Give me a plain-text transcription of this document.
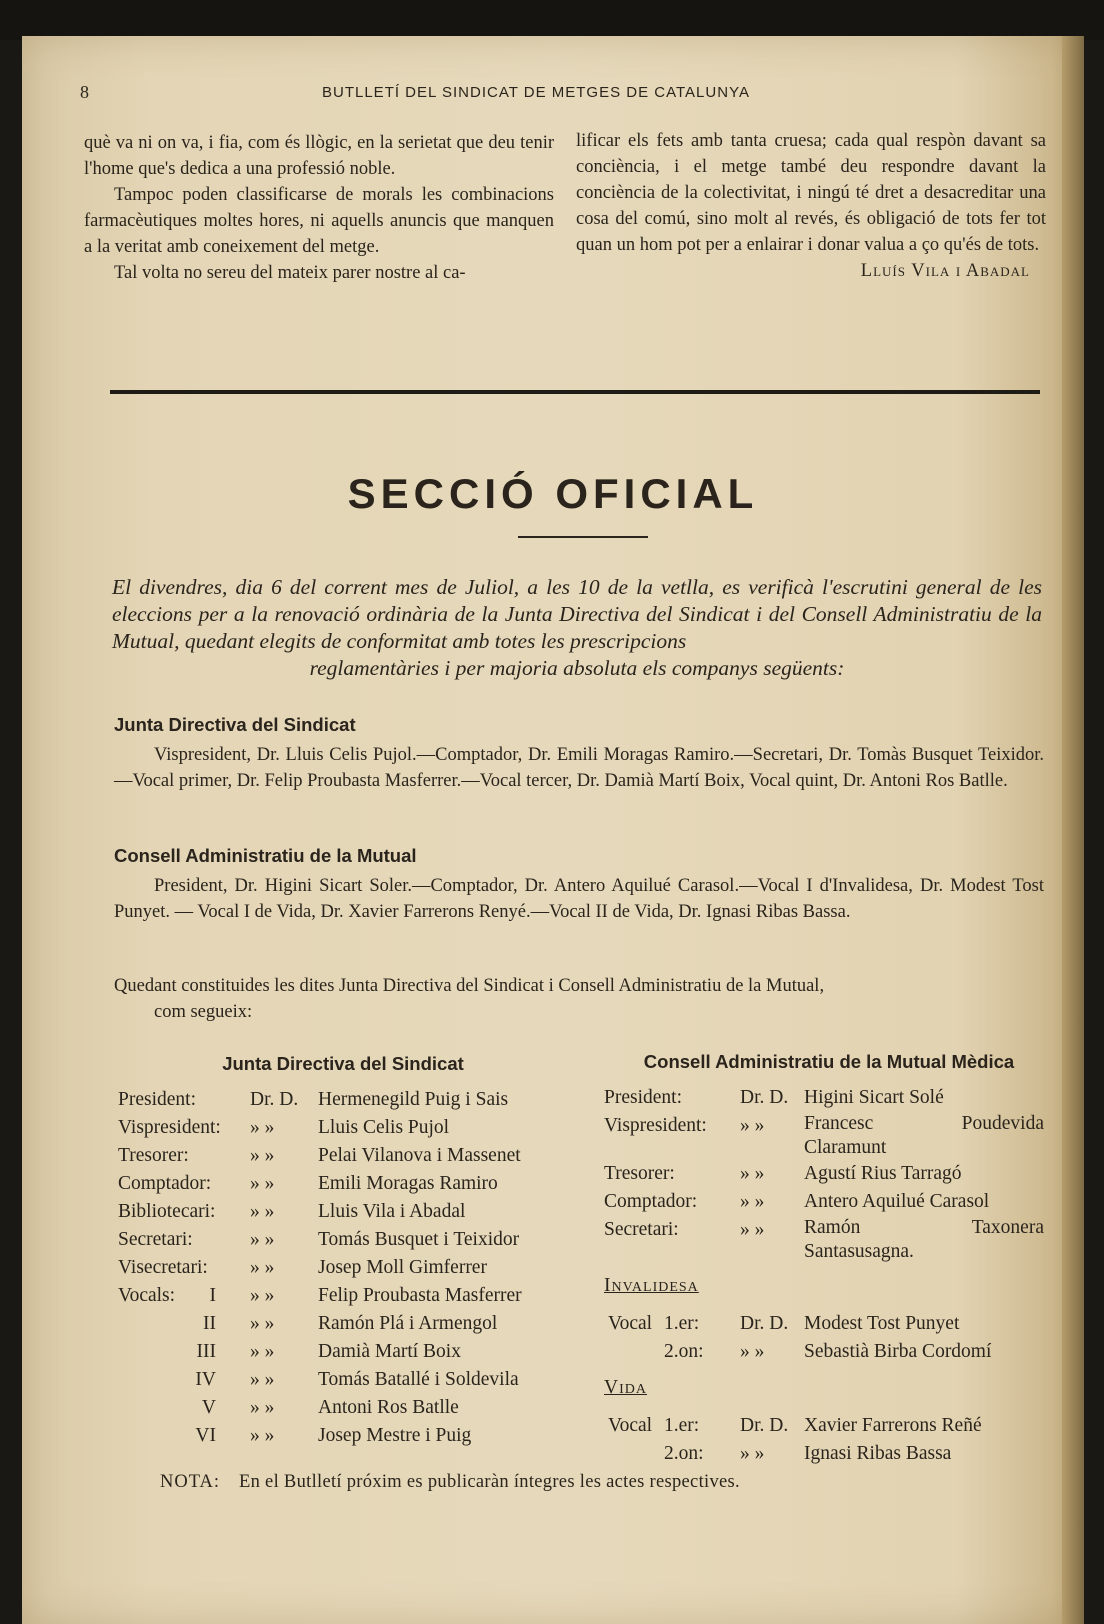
8	BUTLLETÍ DEL SINDICAT DE METGES DE CATALUNYA

què va ni on va, i fia, com és llògic, en la serietat que deu tenir l'home que's dedica a una professió noble.

Tampoc poden classificarse de morals les combinacions farmacèutiques moltes hores, ni aquells anuncis que manquen a la veritat amb coneixement del metge.

Tal volta no sereu del mateix parer nostre al ca-

lificar els fets amb tanta cruesa; cada qual respòn davant sa conciència, i el metge també deu respondre davant la conciència de la colectivitat, i ningú té dret a desacreditar una cosa del comú, sino molt al revés, és obligació de tots fer tot quan un hom pot per a enlairar i donar valua a ço qu'és de tots.

Lluís Vila i Abadal

SECCIÓ OFICIAL
El divendres, dia 6 del corrent mes de Juliol, a les 10 de la vetlla, es verificà l'escrutini general de les eleccions per a la renovació ordinària de la Junta Directiva del Sindicat i del Consell Administratiu de la Mutual, quedant elegits de conformitat amb totes les prescripcions
reglamentàries i per majoria absoluta els companys següents:
Junta Directiva del Sindicat
Vispresident, Dr. Lluis Celis Pujol.—Comptador, Dr. Emili Moragas Ramiro.—Secretari, Dr. Tomàs Busquet Teixidor.—Vocal primer, Dr. Felip Proubasta Masferrer.—Vocal tercer, Dr. Damià Martí Boix, Vocal quint, Dr. Antoni Ros Batlle.
Consell Administratiu de la Mutual
President, Dr. Higini Sicart Soler.—Comptador, Dr. Antero Aquilué Carasol.—Vocal I d'Invalidesa, Dr. Modest Tost Punyet. — Vocal I de Vida, Dr. Xavier Farrerons Renyé.—Vocal II de Vida, Dr. Ignasi Ribas Bassa.
Quedant constituides les dites Junta Directiva del Sindicat i Consell Administratiu de la Mutual,
com segueix:
Junta Directiva del Sindicat
President:	Dr. D. Hermenegild Puig i Sais
Vispresident: » » Lluis Celis Pujol
Tresorer:	» » Pelai Vilanova i Massenet
Comptador: » » Emili Moragas Ramiro
Bibliotecari: » » Lluis Vila i Abadal
Secretari:	» » Tomás Busquet i Teixidor
Visecretari: » » Josep Moll Gimferrer
Vocals:	I » » Felip Proubasta Masferrer
II » » Ramón Plá i Armengol
III » » Damià Martí Boix
IV » » Tomás Batallé i Soldevila
V » » Antoni Ros Batlle
VI » » Josep Mestre i Puig
Consell Administratiu de la Mutual Mèdica
President:	Dr. D. Higini Sicart Solé
Vispresident: » » Francesc Poudevida Claramunt
Tresorer:	» » Agustí Rius Tarragó
Comptador: » » Antero Aquilué Carasol
Secretari:	» » Ramón Taxonera Santasusagna.
Invalidesa
Vocal 1.er: Dr. D. Modest Tost Punyet
2.on: » » Sebastià Birba Cordomí
Vida
Vocal 1.er: Dr. D. Xavier Farrerons Reñé
2.on: » » Ignasi Ribas Bassa
NOTA: En el Butlletí próxim es publicaràn íntegres les actes respectives.
